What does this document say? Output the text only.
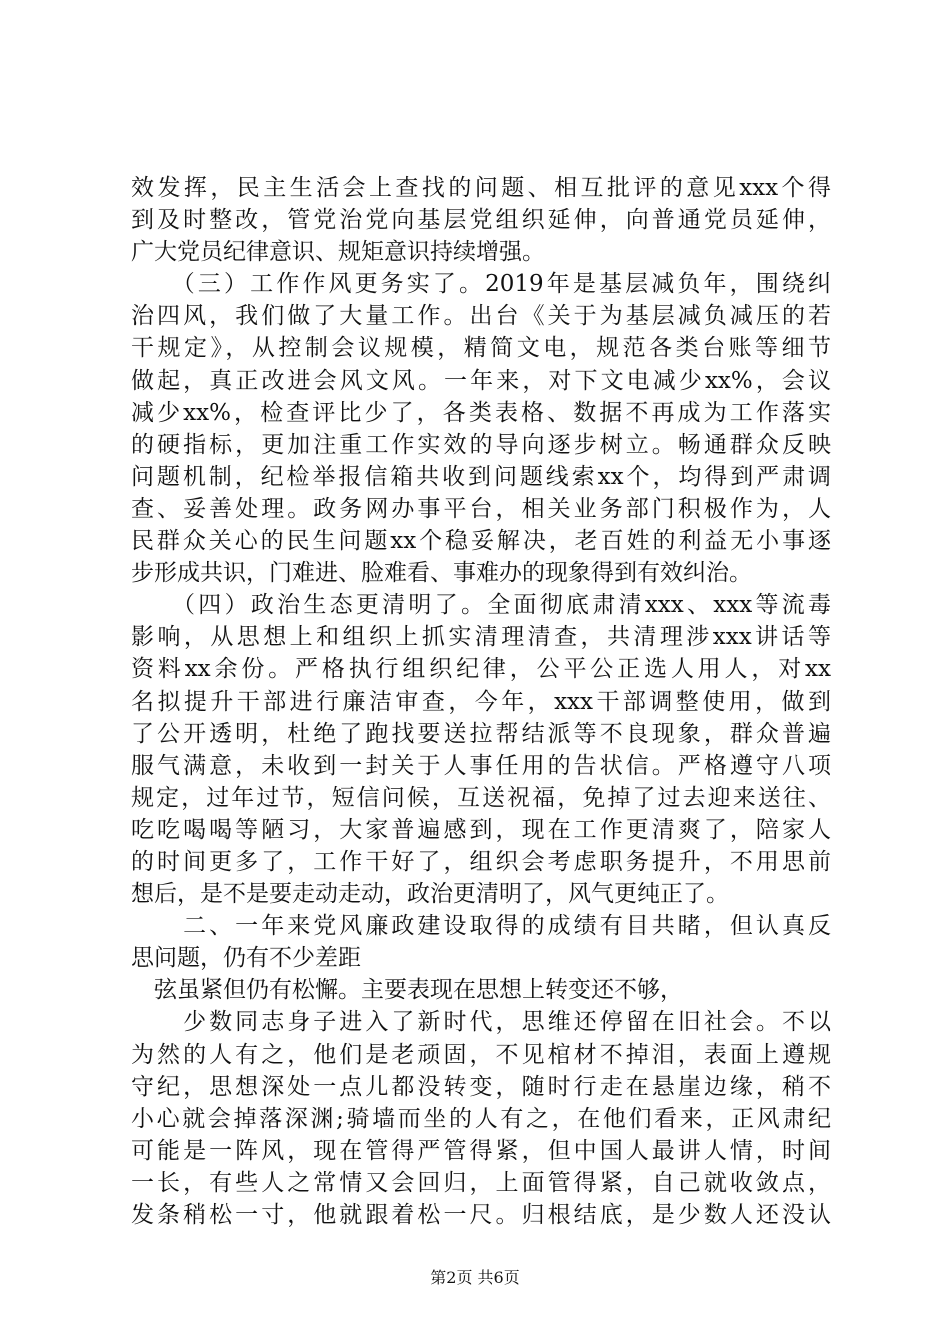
效发挥，民主生活会上查找的问题、相互批评的意见xxx个得
到及时整改，管党治党向基层党组织延伸，向普通党员延伸，
广大党员纪律意识、规矩意识持续增强。
　　（三）工作作风更务实了。2019年是基层减负年，围绕纠
治四风，我们做了大量工作。出台《关于为基层减负减压的若
干规定》，从控制会议规模，精简文电，规范各类台账等细节
做起，真正改进会风文风。一年来，对下文电减少xx%，会议
减少xx%，检查评比少了，各类表格、数据不再成为工作落实
的硬指标，更加注重工作实效的导向逐步树立。畅通群众反映
问题机制，纪检举报信箱共收到问题线索xx个，均得到严肃调
查、妥善处理。政务网办事平台，相关业务部门积极作为，人
民群众关心的民生问题xx个稳妥解决，老百姓的利益无小事逐
步形成共识，门难进、脸难看、事难办的现象得到有效纠治。
　　（四）政治生态更清明了。全面彻底肃清xxx、xxx等流毒
影响，从思想上和组织上抓实清理清查，共清理涉xxx讲话等
资料xx余份。严格执行组织纪律，公平公正选人用人，对xx
名拟提升干部进行廉洁审查，今年，xxx干部调整使用，做到
了公开透明，杜绝了跑找要送拉帮结派等不良现象，群众普遍
服气满意，未收到一封关于人事任用的告状信。严格遵守八项
规定，过年过节，短信问候，互送祝福，免掉了过去迎来送往、
吃吃喝喝等陋习，大家普遍感到，现在工作更清爽了，陪家人
的时间更多了，工作干好了，组织会考虑职务提升，不用思前
想后，是不是要走动走动，政治更清明了，风气更纯正了。
　　二、一年来党风廉政建设取得的成绩有目共睹，但认真反
思问题，仍有不少差距
　弦虽紧但仍有松懈。主要表现在思想上转变还不够，
　　少数同志身子进入了新时代，思维还停留在旧社会。不以
为然的人有之，他们是老顽固，不见棺材不掉泪，表面上遵规
守纪，思想深处一点儿都没转变，随时行走在悬崖边缘，稍不
小心就会掉落深渊;骑墙而坐的人有之，在他们看来，正风肃纪
可能是一阵风，现在管得严管得紧，但中国人最讲人情，时间
一长，有些人之常情又会回归，上面管得紧，自己就收敛点，
发条稍松一寸，他就跟着松一尺。归根结底，是少数人还没认
第2页 共6页
